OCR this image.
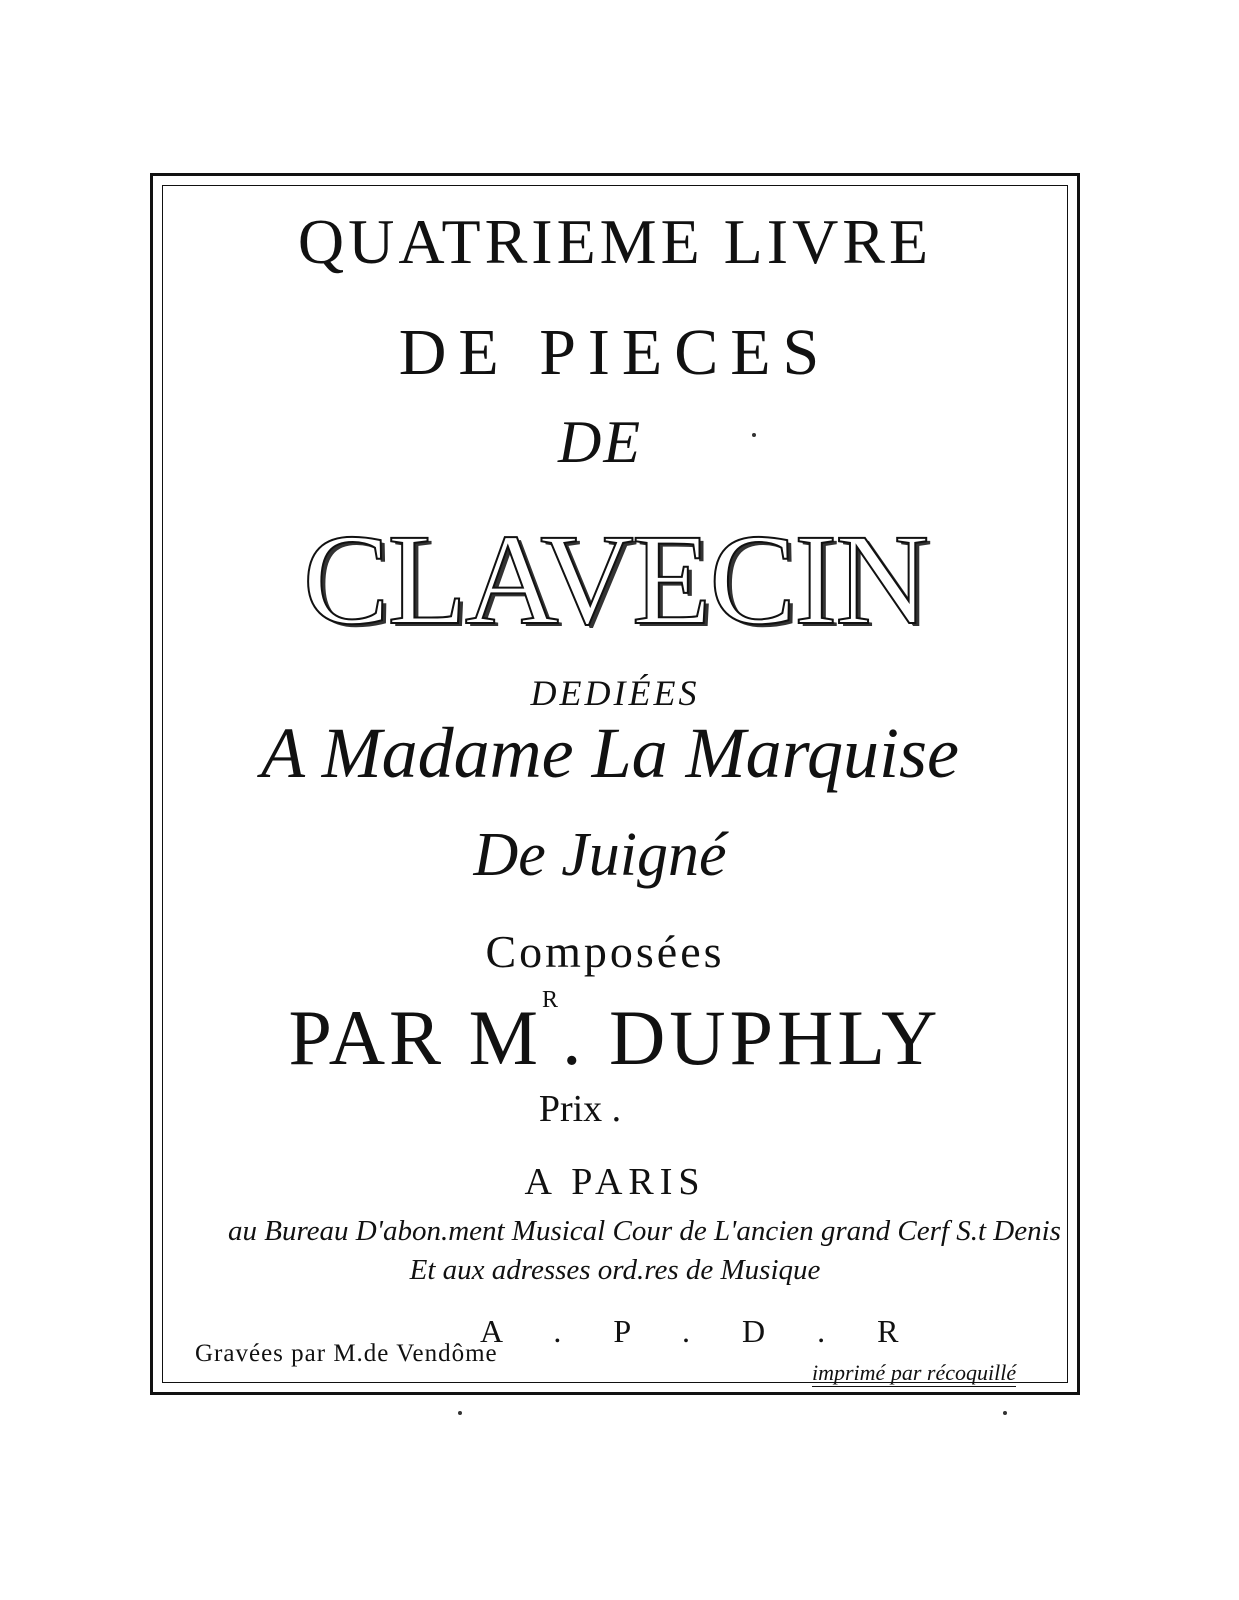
QUATRIEME LIVRE
DE PIECES
DE
CLAVECIN
DEDIÉES
A Madame La Marquise
De Juigné
Composées
PAR $M^R$. DUPHLY
Prix .
A PARIS
au Bureau D'abon.ment Musical Cour de L'ancien grand Cerf S.t Denis
Et aux adresses ord.res de Musique
A . P . D . R
Gravées par M.de Vendôme
imprimé par récoquillé
